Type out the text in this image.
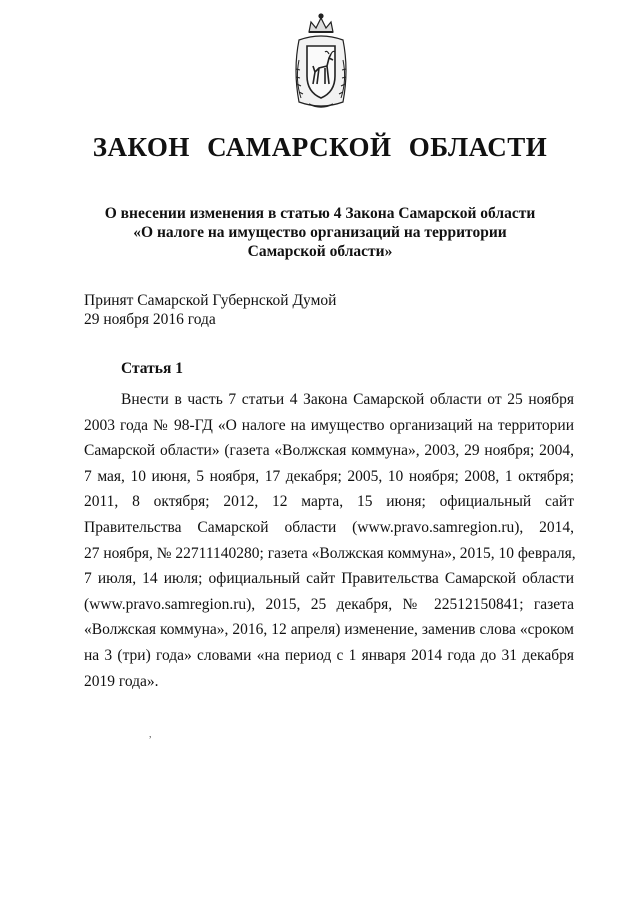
ЗАКОН САМАРСКОЙ ОБЛАСТИ
О внесении изменения в статью 4 Закона Самарской области
«О налоге на имущество организаций на территории
Самарской области»
Принят Самарской Губернской Думой
29 ноября 2016 года
Статья 1
Внести в часть 7 статьи 4 Закона Самарской области от 25 ноября
2003 года № 98-ГД «О налоге на имущество организаций на территории
Самарской области» (газета «Волжская коммуна», 2003, 29 ноября; 2004,
7 мая, 10 июня, 5 ноября, 17 декабря; 2005, 10 ноября; 2008, 1 октября;
2011, 8 октября; 2012, 12 марта, 15 июня; официальный сайт
Правительства Самарской области (www.pravo.samregion.ru), 2014,
27 ноября, № 22711140280; газета «Волжская коммуна», 2015, 10 февраля,
7 июля, 14 июля; официальный сайт Правительства Самарской области
(www.pravo.samregion.ru), 2015, 25 декабря, № 22512150841; газета
«Волжская коммуна», 2016, 12 апреля) изменение, заменив слова «сроком
на 3 (три) года» словами «на период с 1 января 2014 года до 31 декабря
2019 года».
,
